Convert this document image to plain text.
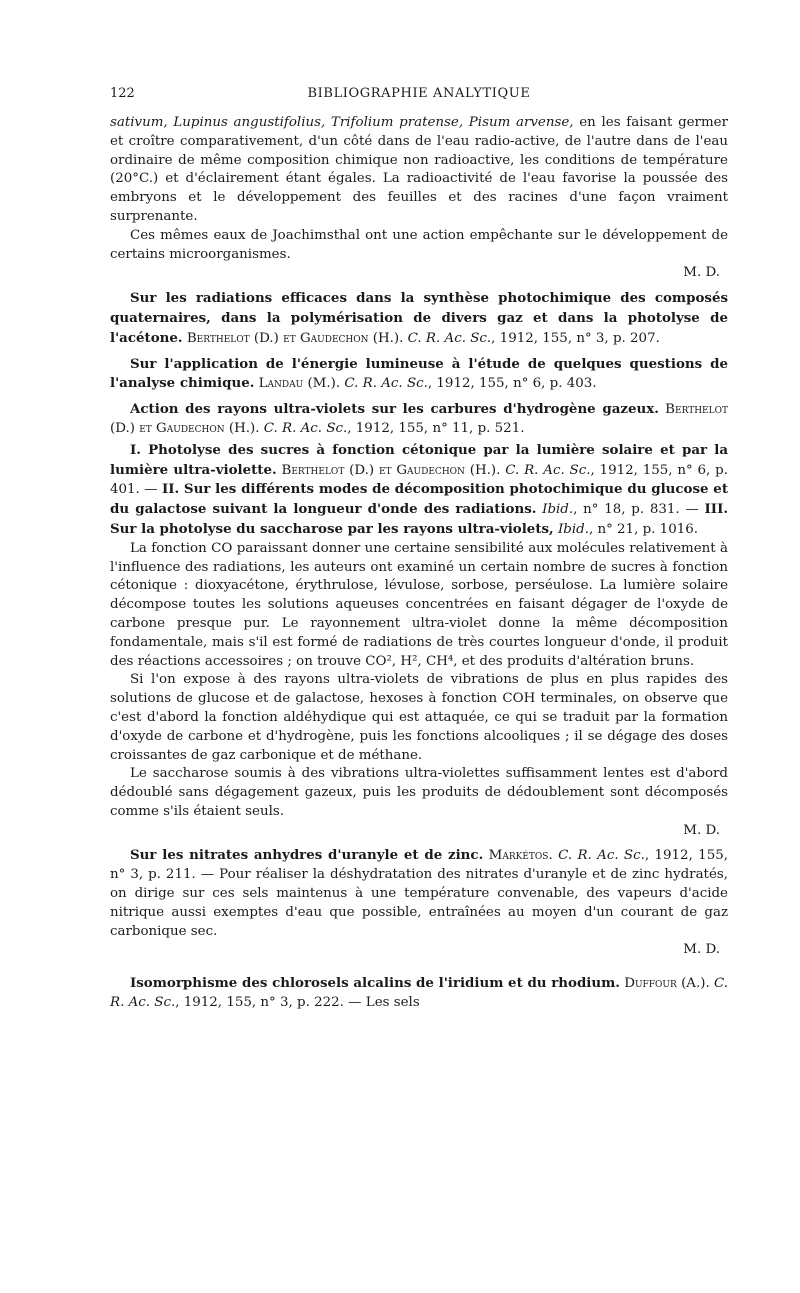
122	BIBLIOGRAPHIE ANALYTIQUE

sativum, Lupinus angustifolius, Trifolium pratense, Pisum arvense, en les faisant germer et croître comparativement, d'un côté dans de l'eau radio-active, de l'autre dans de l'eau ordinaire de même composition chimique non radioactive, les conditions de température (20°C.) et d'éclairement étant égales. La radioactivité de l'eau favorise la poussée des embryons et le développement des feuilles et des racines d'une façon vraiment surprenante.

Ces mêmes eaux de Joachimsthal ont une action empêchante sur le développement de certains microorganismes.

M. D.

Sur les radiations efficaces dans la synthèse photochimique des composés quaternaires, dans la polymérisation de divers gaz et dans la photolyse de l'acétone. Berthelot (D.) et Gaudechon (H.). C. R. Ac. Sc., 1912, 155, n° 3, p. 207.

Sur l'application de l'énergie lumineuse à l'étude de quelques questions de l'analyse chimique. Landau (M.). C. R. Ac. Sc., 1912, 155, n° 6, p. 403.

Action des rayons ultra-violets sur les carbures d'hydrogène gazeux. Berthelot (D.) et Gaudechon (H.). C. R. Ac. Sc., 1912, 155, n° 11, p. 521.

I. Photolyse des sucres à fonction cétonique par la lumière solaire et par la lumière ultra-violette. Berthelot (D.) et Gaudechon (H.). C. R. Ac. Sc., 1912, 155, n° 6, p. 401. — II. Sur les différents modes de décomposition photochimique du glucose et du galactose suivant la longueur d'onde des radiations. Ibid., n° 18, p. 831. — III. Sur la photolyse du saccharose par les rayons ultra-violets, Ibid., n° 21, p. 1016.

La fonction CO paraissant donner une certaine sensibilité aux molécules relativement à l'influence des radiations, les auteurs ont examiné un certain nombre de sucres à fonction cétonique : dioxyacétone, érythrulose, lévulose, sorbose, perséulose. La lumière solaire décompose toutes les solutions aqueuses concentrées en faisant dégager de l'oxyde de carbone presque pur. Le rayonnement ultra-violet donne la même décomposition fondamentale, mais s'il est formé de radiations de très courtes longueur d'onde, il produit des réactions accessoires ; on trouve CO², H², CH⁴, et des produits d'altération bruns.

Si l'on expose à des rayons ultra-violets de vibrations de plus en plus rapides des solutions de glucose et de galactose, hexoses à fonction COH terminales, on observe que c'est d'abord la fonction aldéhydique qui est attaquée, ce qui se traduit par la formation d'oxyde de carbone et d'hydrogène, puis les fonctions alcooliques ; il se dégage des doses croissantes de gaz carbonique et de méthane.

Le saccharose soumis à des vibrations ultra-violettes suffisamment lentes est d'abord dédoublé sans dégagement gazeux, puis les produits de dédoublement sont décomposés comme s'ils étaient seuls.

M. D.

Sur les nitrates anhydres d'uranyle et de zinc. Markétos. C. R. Ac. Sc., 1912, 155, n° 3, p. 211. — Pour réaliser la déshydratation des nitrates d'uranyle et de zinc hydratés, on dirige sur ces sels maintenus à une température convenable, des vapeurs d'acide nitrique aussi exemptes d'eau que possible, entraînées au moyen d'un courant de gaz carbonique sec.

M. D.

Isomorphisme des chlorosels alcalins de l'iridium et du rhodium. Duffour (A.). C. R. Ac. Sc., 1912, 155, n° 3, p. 222. — Les sels
